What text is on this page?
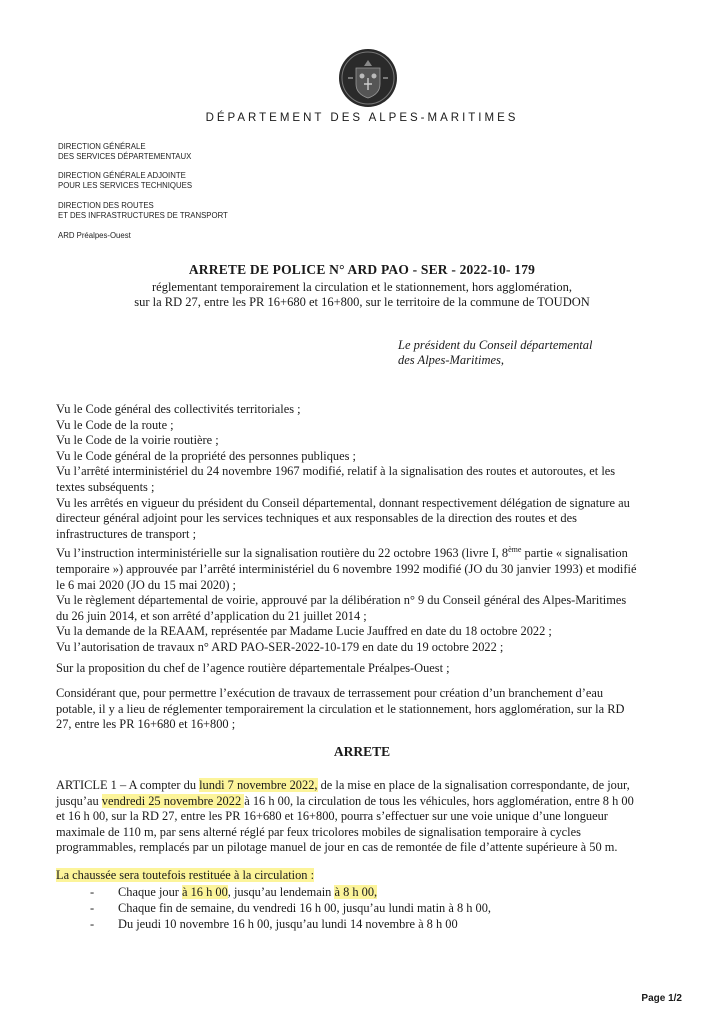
DÉPARTEMENT DES ALPES-MARITIMES
DIRECTION GÉNÉRALE
DES SERVICES DÉPARTEMENTAUX
DIRECTION GÉNÉRALE ADJOINTE
POUR LES SERVICES TECHNIQUES
DIRECTION DES ROUTES
ET DES INFRASTRUCTURES DE TRANSPORT
ARD Préalpes-Ouest
ARRETE DE POLICE N° ARD PAO - SER - 2022-10- 179
réglementant temporairement la circulation et le stationnement, hors agglomération,
sur la RD 27, entre les PR 16+680 et 16+800, sur le territoire de la commune de TOUDON
Le président du Conseil départemental
des Alpes-Maritimes,
Vu le Code général des collectivités territoriales ;
Vu le Code de la route ;
Vu le Code de la voirie routière ;
Vu le Code général de la propriété des personnes publiques ;
Vu l’arrêté interministériel du 24 novembre 1967 modifié, relatif à la signalisation des routes et autoroutes, et les
textes subséquents ;
Vu les arrêtés en vigueur du président du Conseil départemental, donnant respectivement délégation de signature au
directeur général adjoint pour les services techniques et aux responsables de la direction des routes et des
infrastructures de transport ;
Vu l’instruction interministérielle sur la signalisation routière du 22 octobre 1963 (livre I, 8ème partie « signalisation
temporaire ») approuvée par l’arrêté interministériel du 6 novembre 1992 modifié (JO du 30 janvier 1993) et modifié
le 6 mai 2020 (JO du 15 mai 2020) ;
Vu le règlement départemental de voirie, approuvé par la délibération n° 9 du Conseil général des Alpes-Maritimes
du 26 juin 2014, et son arrêté d’application du 21 juillet 2014 ;
Vu la demande de la REAAM, représentée par Madame Lucie Jauffred en date du 18 octobre 2022 ;
Vu l’autorisation de travaux n° ARD PAO-SER-2022-10-179 en date du 19 octobre 2022 ;
Sur la proposition du chef de l’agence routière départementale Préalpes-Ouest ;
Considérant que, pour permettre l’exécution de travaux de terrassement pour création d’un branchement d’eau
potable, il y a lieu de réglementer temporairement la circulation et le stationnement, hors agglomération, sur la RD
27, entre les PR 16+680 et 16+800 ;
ARRETE
ARTICLE 1 – A compter du lundi 7 novembre 2022, de la mise en place de la signalisation correspondante, de jour,
jusqu’au vendredi 25 novembre 2022 à 16 h 00, la circulation de tous les véhicules, hors agglomération, entre 8 h 00
et 16 h 00, sur la RD 27, entre les PR 16+680 et 16+800, pourra s’effectuer sur une voie unique d’une longueur
maximale de 110 m, par sens alterné réglé par feux tricolores mobiles de signalisation temporaire à cycles
programmables, remplacés par un pilotage manuel de jour en cas de remontée de file d’attente supérieure à 50 m.
La chaussée sera toutefois restituée à la circulation :
- Chaque jour à 16 h 00, jusqu’au lendemain à 8 h 00,
- Chaque fin de semaine, du vendredi 16 h 00, jusqu’au lundi matin à 8 h 00,
- Du jeudi 10 novembre 16 h 00, jusqu’au lundi 14 novembre à 8 h 00
Page 1/2
